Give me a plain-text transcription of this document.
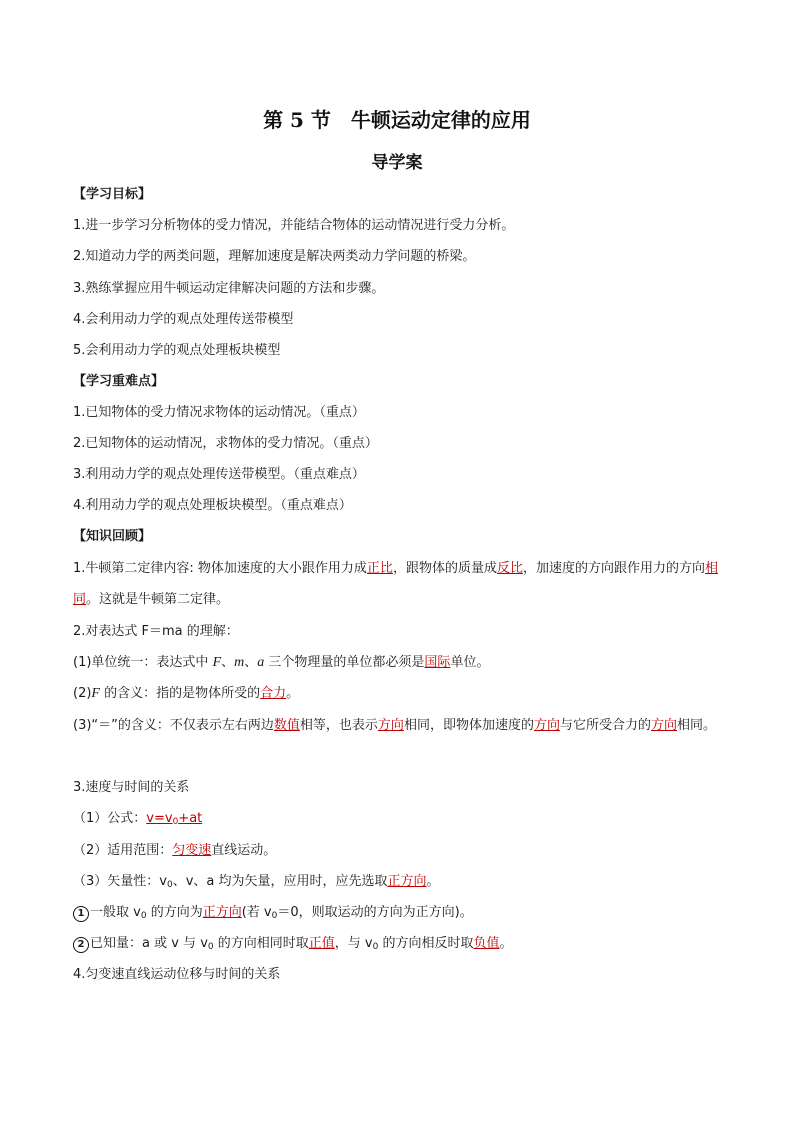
第 5 节　牛顿运动定律的应用
导学案
【学习目标】
1.进一步学习分析物体的受力情况，并能结合物体的运动情况进行受力分析。
2.知道动力学的两类问题，理解加速度是解决两类动力学问题的桥梁。
3.熟练掌握应用牛顿运动定律解决问题的方法和步骤。
4.会利用动力学的观点处理传送带模型
5.会利用动力学的观点处理板块模型
【学习重难点】
1.已知物体的受力情况求物体的运动情况。（重点）
2.已知物体的运动情况，求物体的受力情况。（重点）
3.利用动力学的观点处理传送带模型。（重点难点）
4.利用动力学的观点处理板块模型。（重点难点）
【知识回顾】
1.牛顿第二定律内容: 物体加速度的大小跟作用力成正比，跟物体的质量成反比，加速度的方向跟作用力的方向相同。这就是牛顿第二定律。
2.对表达式 F＝ma 的理解：
(1)单位统一：表达式中 F、m、a 三个物理量的单位都必须是国际单位。
(2)F 的含义：指的是物体所受的合力。
(3)“＝”的含义：不仅表示左右两边数值相等，也表示方向相同，即物体加速度的方向与它所受合力的方向相同。
3.速度与时间的关系
（1）公式：$v=v_0+at$
（2）适用范围：匀变速直线运动。
（3）矢量性：$v_0$、v、a 均为矢量，应用时，应先选取正方向。
1 一般取 $v_0$ 的方向为正方向(若 $v_0=0$，则取运动的方向为正方向)。
2 已知量：a 或 v 与 $v_0$ 的方向相同时取正值，与 $v_0$ 的方向相反时取负值。
4.匀变速直线运动位移与时间的关系
